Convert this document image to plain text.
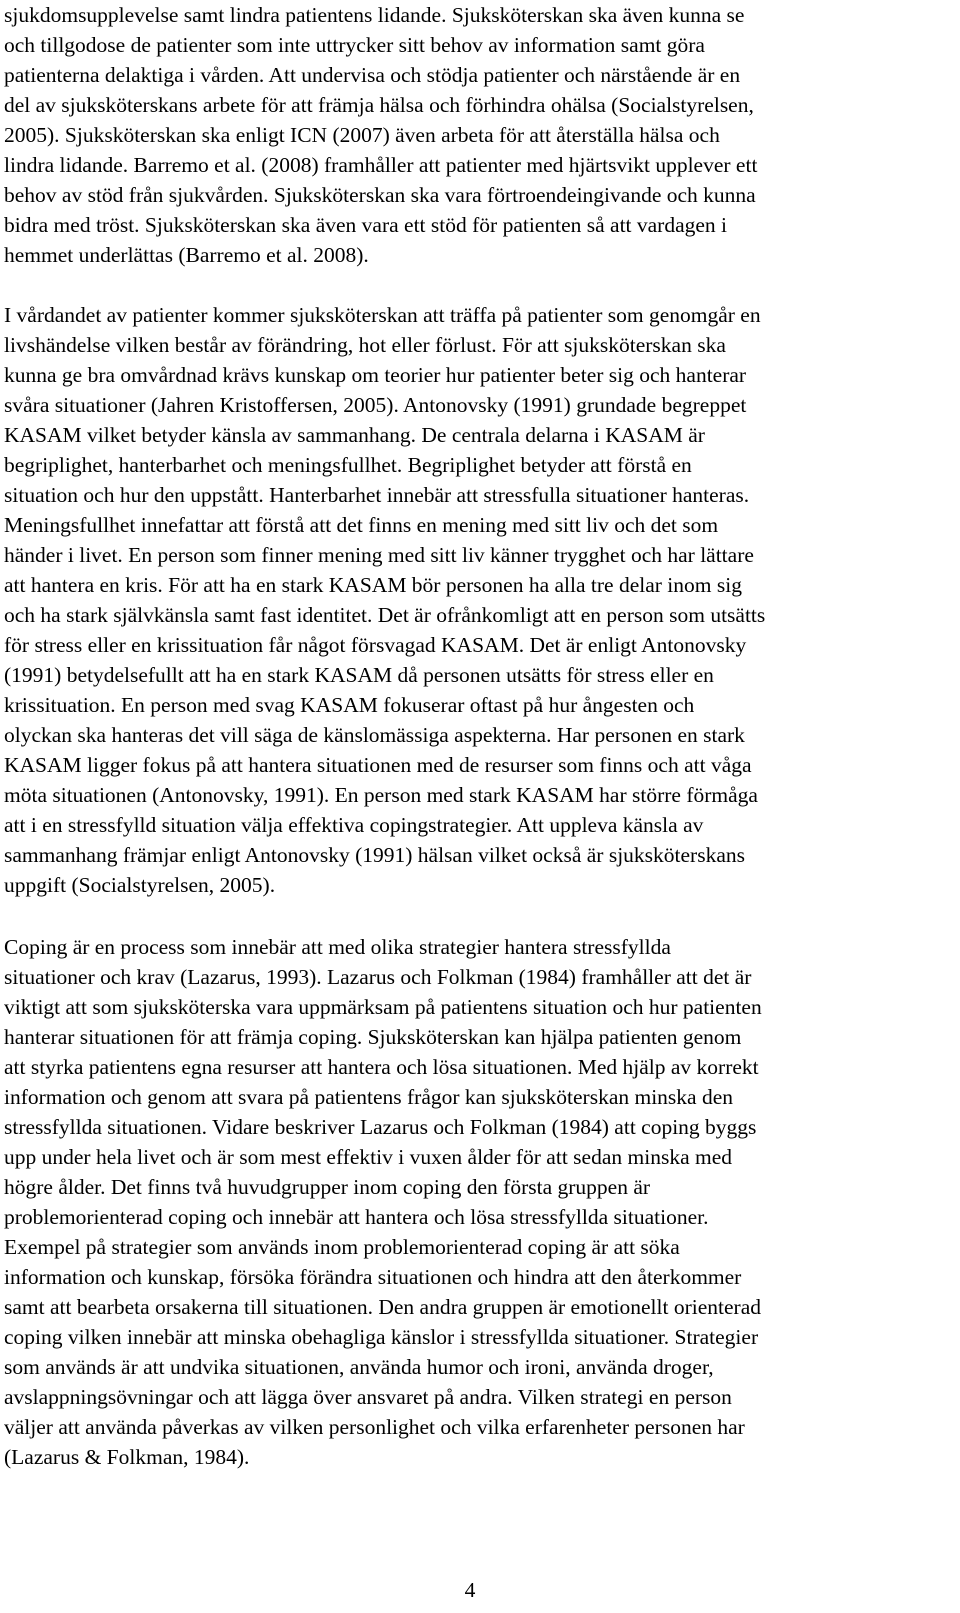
sjukdomsupplevelse samt lindra patientens lidande. Sjuksköterskan ska även kunna se

och tillgodose de patienter som inte uttrycker sitt behov av information samt göra

patienterna delaktiga i vården. Att undervisa och stödja patienter och närstående är en

del av sjuksköterskans arbete för att främja hälsa och förhindra ohälsa (Socialstyrelsen,

2005). Sjuksköterskan ska enligt ICN (2007) även arbeta för att återställa hälsa och

lindra lidande. Barremo et al. (2008) framhåller att patienter med hjärtsvikt upplever ett

behov av stöd från sjukvården. Sjuksköterskan ska vara förtroendeingivande och kunna

bidra med tröst. Sjuksköterskan ska även vara ett stöd för patienten så att vardagen i

hemmet underlättas (Barremo et al. 2008).

I vårdandet av patienter kommer sjuksköterskan att träffa på patienter som genomgår en

livshändelse vilken består av förändring, hot eller förlust. För att sjuksköterskan ska

kunna ge bra omvårdnad krävs kunskap om teorier hur patienter beter sig och hanterar

svåra situationer (Jahren Kristoffersen, 2005). Antonovsky (1991) grundade begreppet

KASAM vilket betyder känsla av sammanhang. De centrala delarna i KASAM är

begriplighet, hanterbarhet och meningsfullhet. Begriplighet betyder att förstå en

situation och hur den uppstått. Hanterbarhet innebär att stressfulla situationer hanteras.

Meningsfullhet innefattar att förstå att det finns en mening med sitt liv och det som

händer i livet. En person som finner mening med sitt liv känner trygghet och har lättare

att hantera en kris. För att ha en stark KASAM bör personen ha alla tre delar inom sig

och ha stark självkänsla samt fast identitet. Det är ofrånkomligt att en person som utsätts

för stress eller en krissituation får något försvagad KASAM. Det är enligt Antonovsky

(1991) betydelsefullt att ha en stark KASAM då personen utsätts för stress eller en

krissituation. En person med svag KASAM fokuserar oftast på hur ångesten och

olyckan ska hanteras det vill säga de känslomässiga aspekterna. Har personen en stark

KASAM ligger fokus på att hantera situationen med de resurser som finns och att våga

möta situationen (Antonovsky, 1991). En person med stark KASAM har större förmåga

att i en stressfylld situation välja effektiva copingstrategier. Att uppleva känsla av

sammanhang främjar enligt Antonovsky (1991) hälsan vilket också är sjuksköterskans

uppgift (Socialstyrelsen, 2005).

Coping är en process som innebär att med olika strategier hantera stressfyllda

situationer och krav (Lazarus, 1993). Lazarus och Folkman (1984) framhåller att det är

viktigt att som sjuksköterska vara uppmärksam på patientens situation och hur patienten

hanterar situationen för att främja coping. Sjuksköterskan kan hjälpa patienten genom

att styrka patientens egna resurser att hantera och lösa situationen. Med hjälp av korrekt

information och genom att svara på patientens frågor kan sjuksköterskan minska den

stressfyllda situationen. Vidare beskriver Lazarus och Folkman (1984) att coping byggs

upp under hela livet och är som mest effektiv i vuxen ålder för att sedan minska med

högre ålder. Det finns två huvudgrupper inom coping den första gruppen är

problemorienterad coping och innebär att hantera och lösa stressfyllda situationer.

Exempel på strategier som används inom problemorienterad coping är att söka

information och kunskap, försöka förändra situationen och hindra att den återkommer

samt att bearbeta orsakerna till situationen. Den andra gruppen är emotionellt orienterad

coping vilken innebär att minska obehagliga känslor i stressfyllda situationer. Strategier

som används är att undvika situationen, använda humor och ironi, använda droger,

avslappningsövningar och att lägga över ansvaret på andra. Vilken strategi en person

väljer att använda påverkas av vilken personlighet och vilka erfarenheter personen har

(Lazarus & Folkman, 1984).

4
